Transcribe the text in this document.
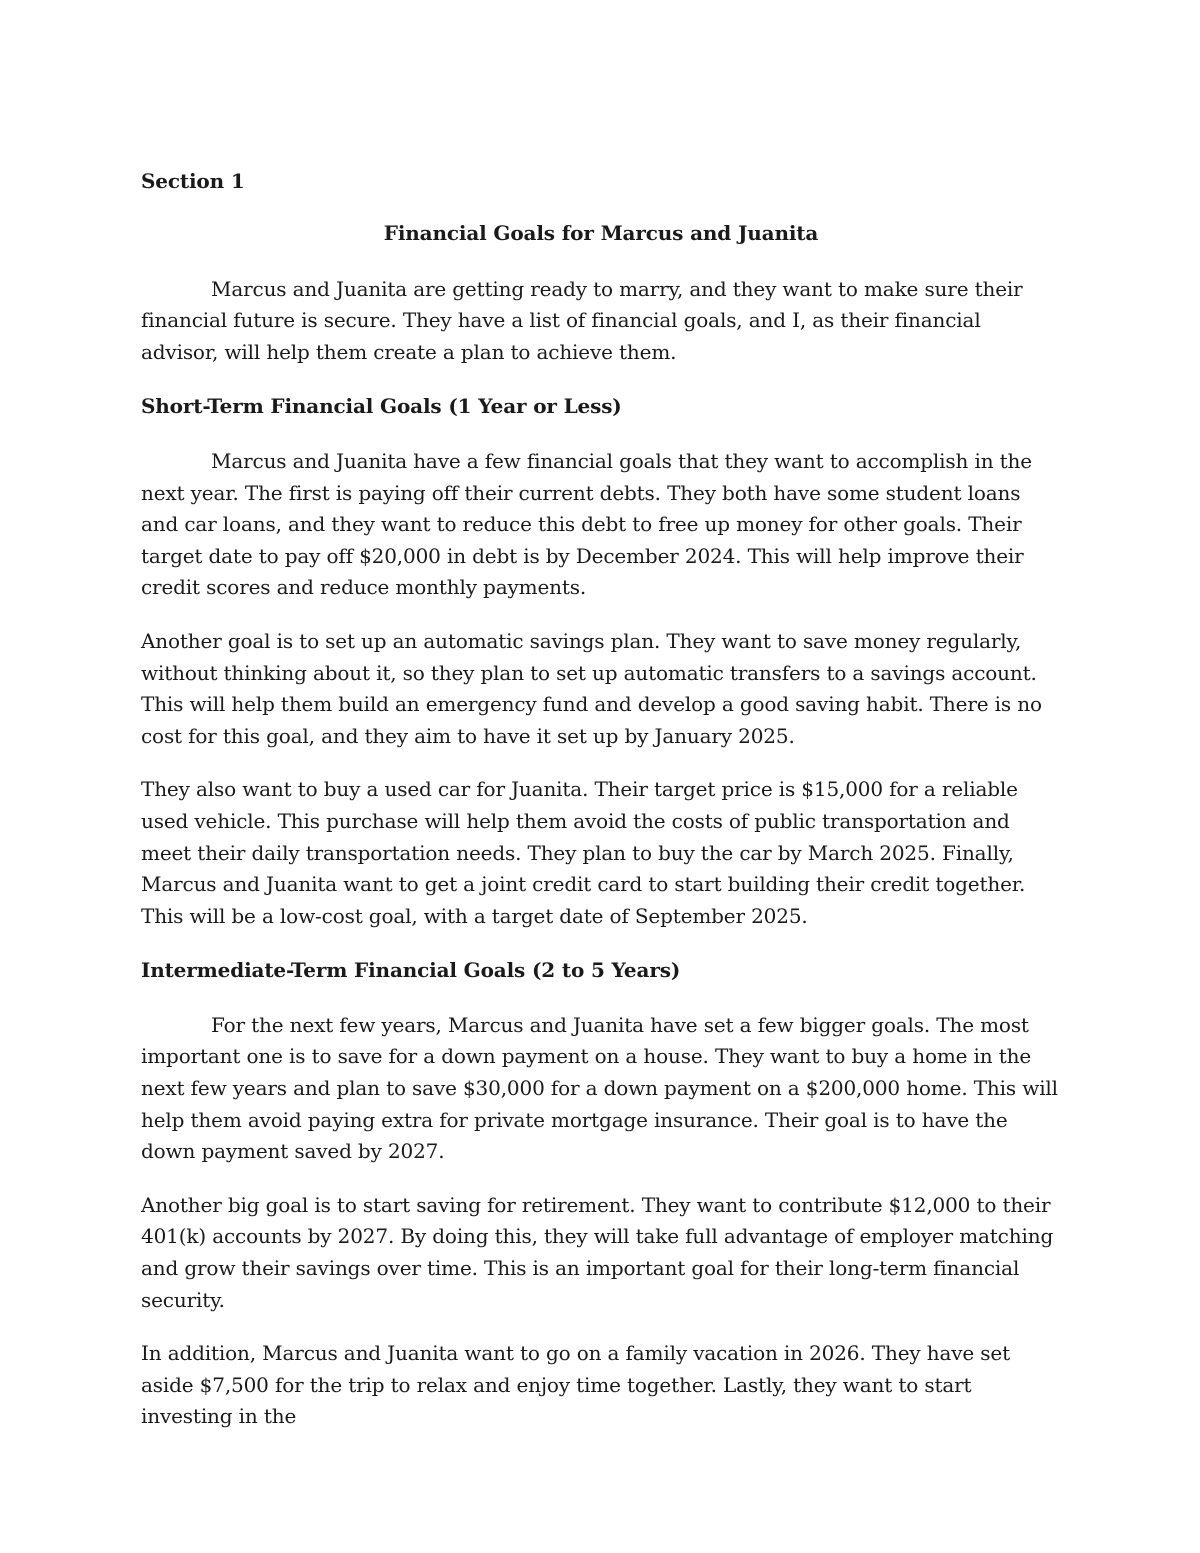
Section 1

Financial Goals for Marcus and Juanita

Marcus and Juanita are getting ready to marry, and they want to make sure their financial future is secure. They have a list of financial goals, and I, as their financial advisor, will help them create a plan to achieve them.

Short-Term Financial Goals (1 Year or Less)

Marcus and Juanita have a few financial goals that they want to accomplish in the next year. The first is paying off their current debts. They both have some student loans and car loans, and they want to reduce this debt to free up money for other goals. Their target date to pay off $20,000 in debt is by December 2024. This will help improve their credit scores and reduce monthly payments.

Another goal is to set up an automatic savings plan. They want to save money regularly, without thinking about it, so they plan to set up automatic transfers to a savings account. This will help them build an emergency fund and develop a good saving habit. There is no cost for this goal, and they aim to have it set up by January 2025.

They also want to buy a used car for Juanita. Their target price is $15,000 for a reliable used vehicle. This purchase will help them avoid the costs of public transportation and meet their daily transportation needs. They plan to buy the car by March 2025. Finally, Marcus and Juanita want to get a joint credit card to start building their credit together. This will be a low-cost goal, with a target date of September 2025.

Intermediate-Term Financial Goals (2 to 5 Years)

For the next few years, Marcus and Juanita have set a few bigger goals. The most important one is to save for a down payment on a house. They want to buy a home in the next few years and plan to save $30,000 for a down payment on a $200,000 home. This will help them avoid paying extra for private mortgage insurance. Their goal is to have the down payment saved by 2027.

Another big goal is to start saving for retirement. They want to contribute $12,000 to their 401(k) accounts by 2027. By doing this, they will take full advantage of employer matching and grow their savings over time. This is an important goal for their long-term financial security.

In addition, Marcus and Juanita want to go on a family vacation in 2026. They have set aside $7,500 for the trip to relax and enjoy time together. Lastly, they want to start investing in the
